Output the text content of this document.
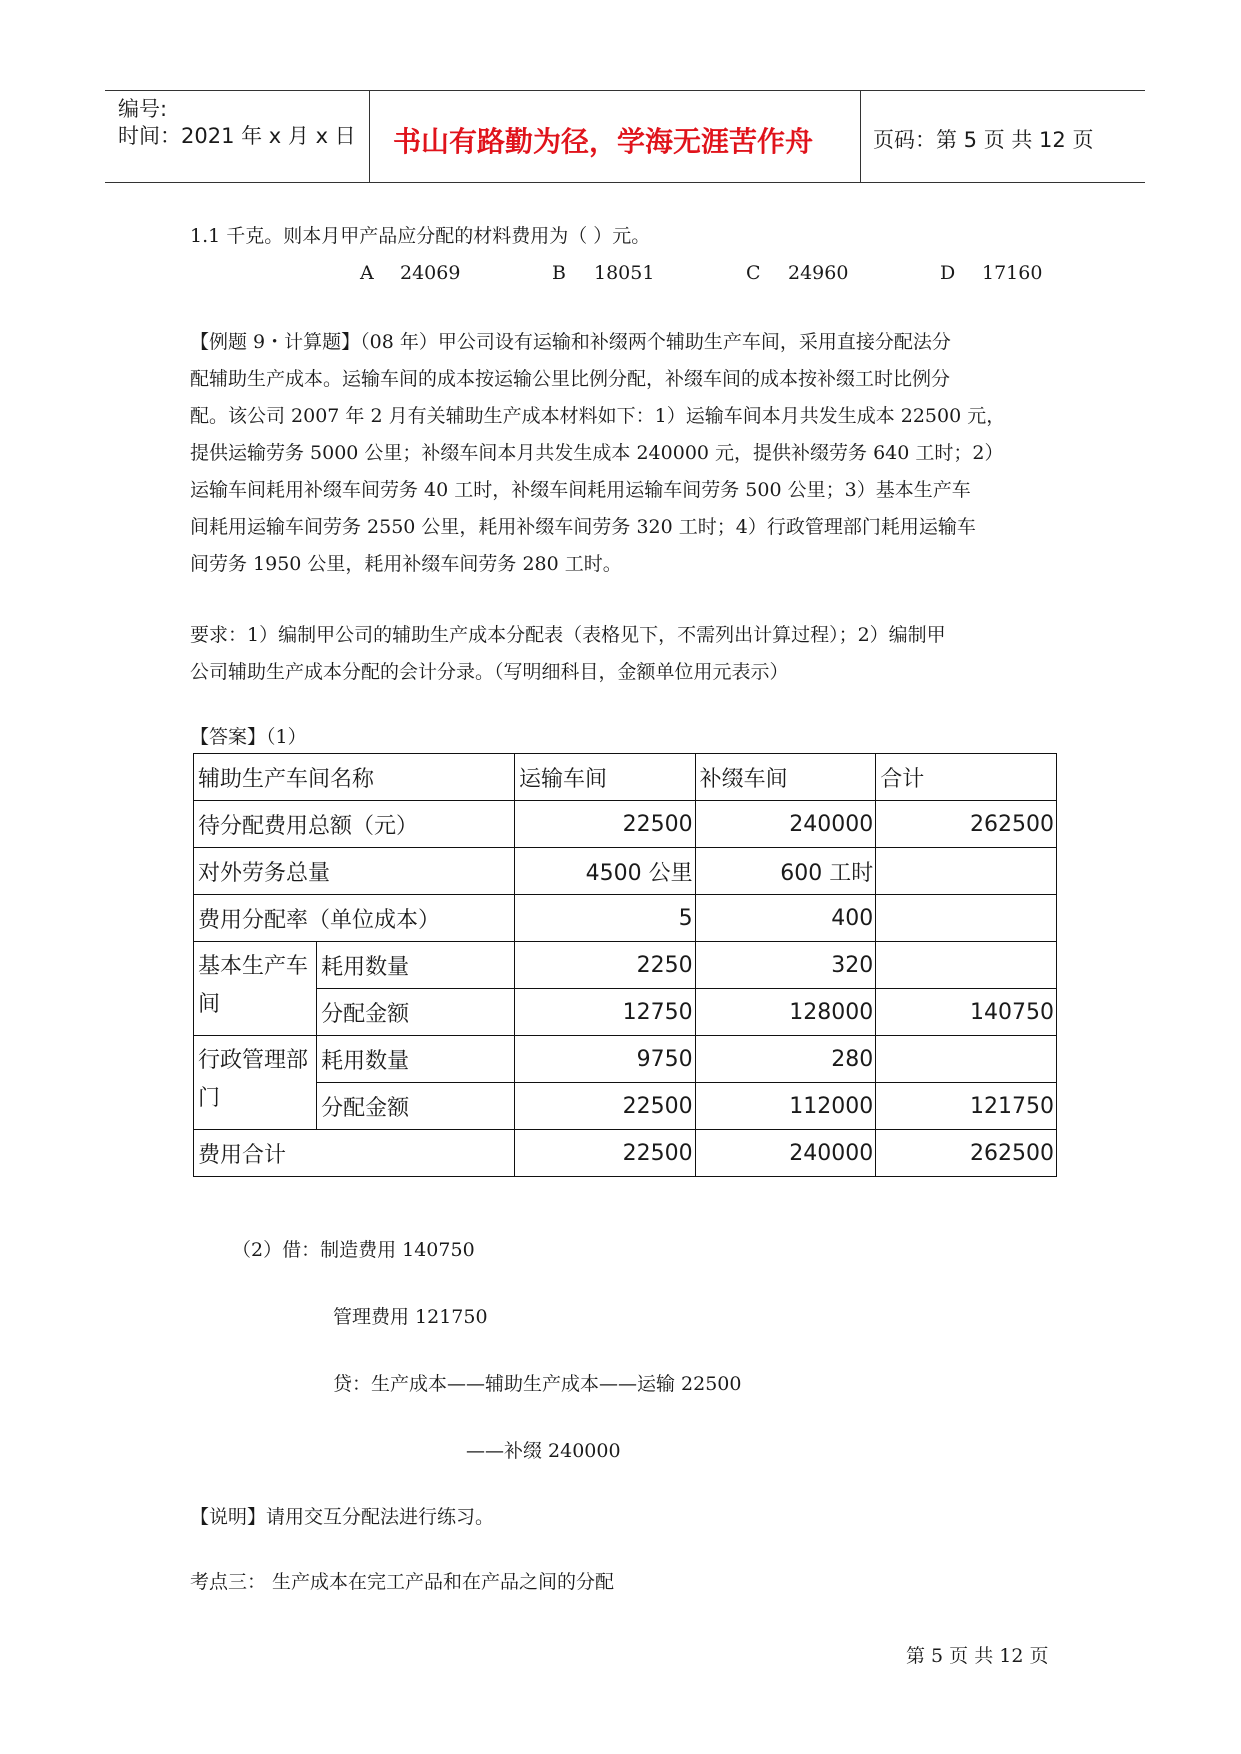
编号:
时间：2021 年 x 月 x 日 书山有路勤为径，学海无涯苦作舟	页码：第 5 页 共 12 页
1.1 千克。则本月甲产品应分配的材料费用为（ ）元。
A 24069	B 18051	C 24960	D 17160
【例题 9・计算题】（08 年）甲公司设有运输和补缀两个辅助生产车间，采用直接分配法分
配辅助生产成本。运输车间的成本按运输公里比例分配，补缀车间的成本按补缀工时比例分
配。该公司 2007 年 2 月有关辅助生产成本材料如下：1）运输车间本月共发生成本 22500 元，
提供运输劳务 5000 公里；补缀车间本月共发生成本 240000 元，提供补缀劳务 640 工时；2）
运输车间耗用补缀车间劳务 40 工时，补缀车间耗用运输车间劳务 500 公里；3）基本生产车
间耗用运输车间劳务 2550 公里，耗用补缀车间劳务 320 工时；4）行政管理部门耗用运输车
间劳务 1950 公里，耗用补缀车间劳务 280 工时。
要求：1）编制甲公司的辅助生产成本分配表（表格见下，不需列出计算过程）；2）编制甲
公司辅助生产成本分配的会计分录。（写明细科目，金额单位用元表示）
【答案】（1）
辅助生产车间名称		运输车间	补缀车间	合计
待分配费用总额（元）		22500	240000	262500
对外劳务总量		4500 公里	600 工时	
费用分配率（单位成本）		5	400	
基本生产车间	耗用数量	2250	320	
	分配金额	12750	128000	140750
行政管理部门	耗用数量	9750	280	
	分配金额	22500	112000	121750
费用合计		22500	240000	262500
（2）借：制造费用 140750
管理费用 121750
贷：生产成本——辅助生产成本——运输 22500
——补缀 240000
【说明】请用交互分配法进行练习。
考点三： 生产成本在完工产品和在产品之间的分配
第 5 页 共 12 页
